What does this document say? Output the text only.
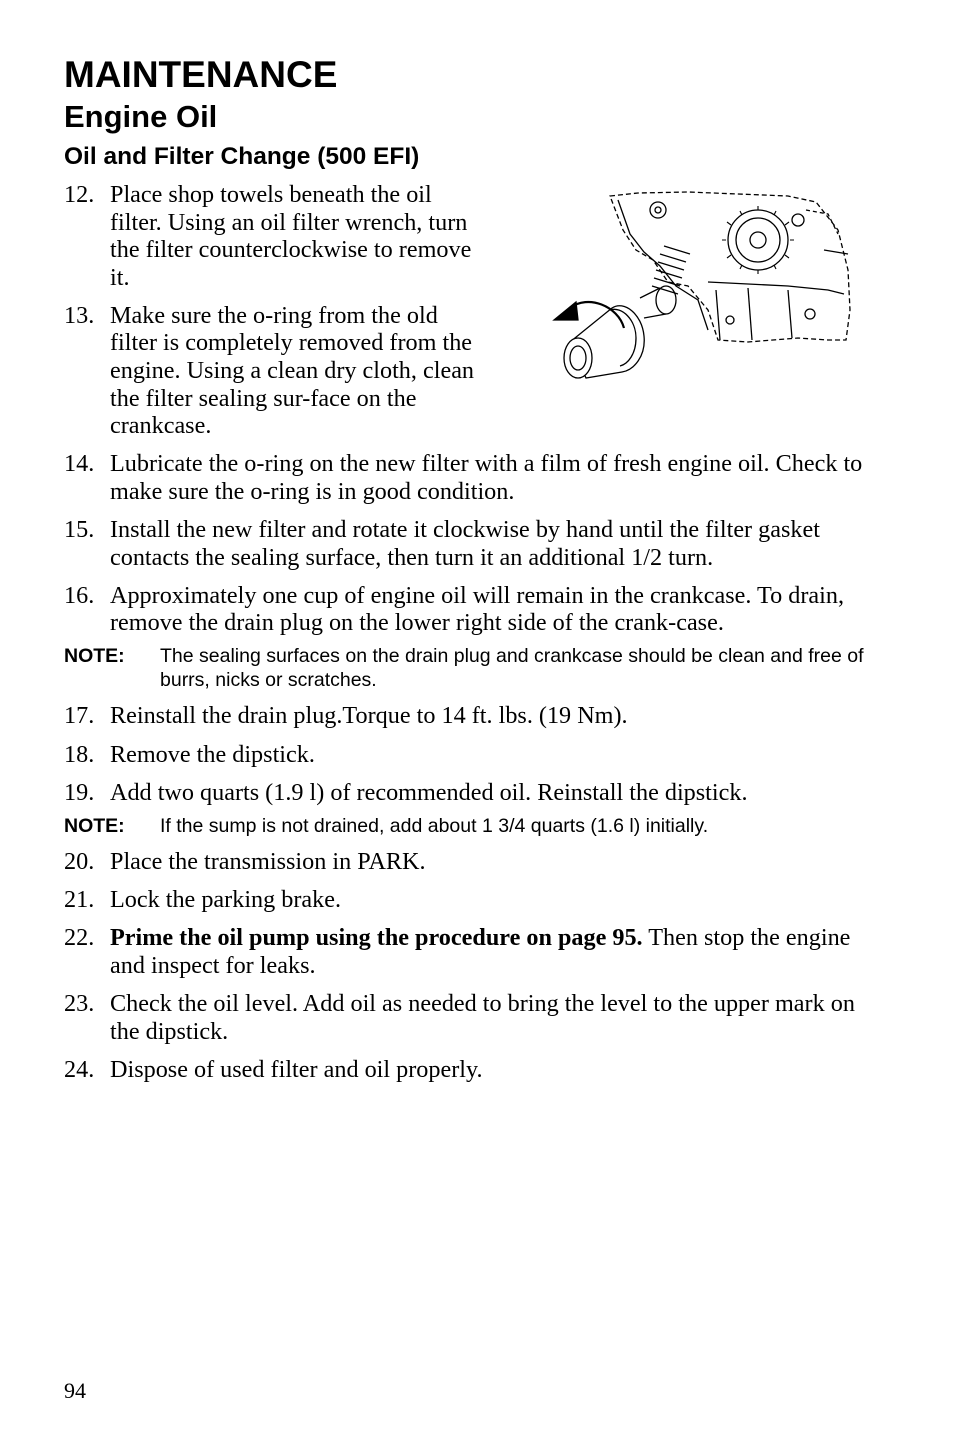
MAINTENANCE
Engine Oil
Oil and Filter Change (500 EFI)
12. Place shop towels beneath the oil filter. Using an oil filter wrench, turn the filter counterclockwise to remove it.
13. Make sure the o-ring from the old filter is completely removed from the engine. Using a clean dry cloth, clean the filter sealing sur-face on the crankcase.
14. Lubricate the o-ring on the new filter with a film of fresh engine oil. Check to make sure the o-ring is in good condition.
15. Install the new filter and rotate it clockwise by hand until the filter gasket contacts the sealing surface, then turn it an additional 1/2 turn.
16. Approximately one cup of engine oil will remain in the crankcase. To drain, remove the drain plug on the lower right side of the crank-case.
NOTE: The sealing surfaces on the drain plug and crankcase should be clean and free of burrs, nicks or scratches.
17. Reinstall the drain plug.Torque to 14 ft. lbs. (19 Nm).
18. Remove the dipstick.
19. Add two quarts (1.9 l) of recommended oil. Reinstall the dipstick.
NOTE: If the sump is not drained, add about 1 3/4 quarts (1.6 l) initially.
20. Place the transmission in PARK.
21. Lock the parking brake.
22. Prime the oil pump using the procedure on page 95. Then stop the engine and inspect for leaks.
23. Check the oil level. Add oil as needed to bring the level to the upper mark on the dipstick.
24. Dispose of used filter and oil properly.
94
